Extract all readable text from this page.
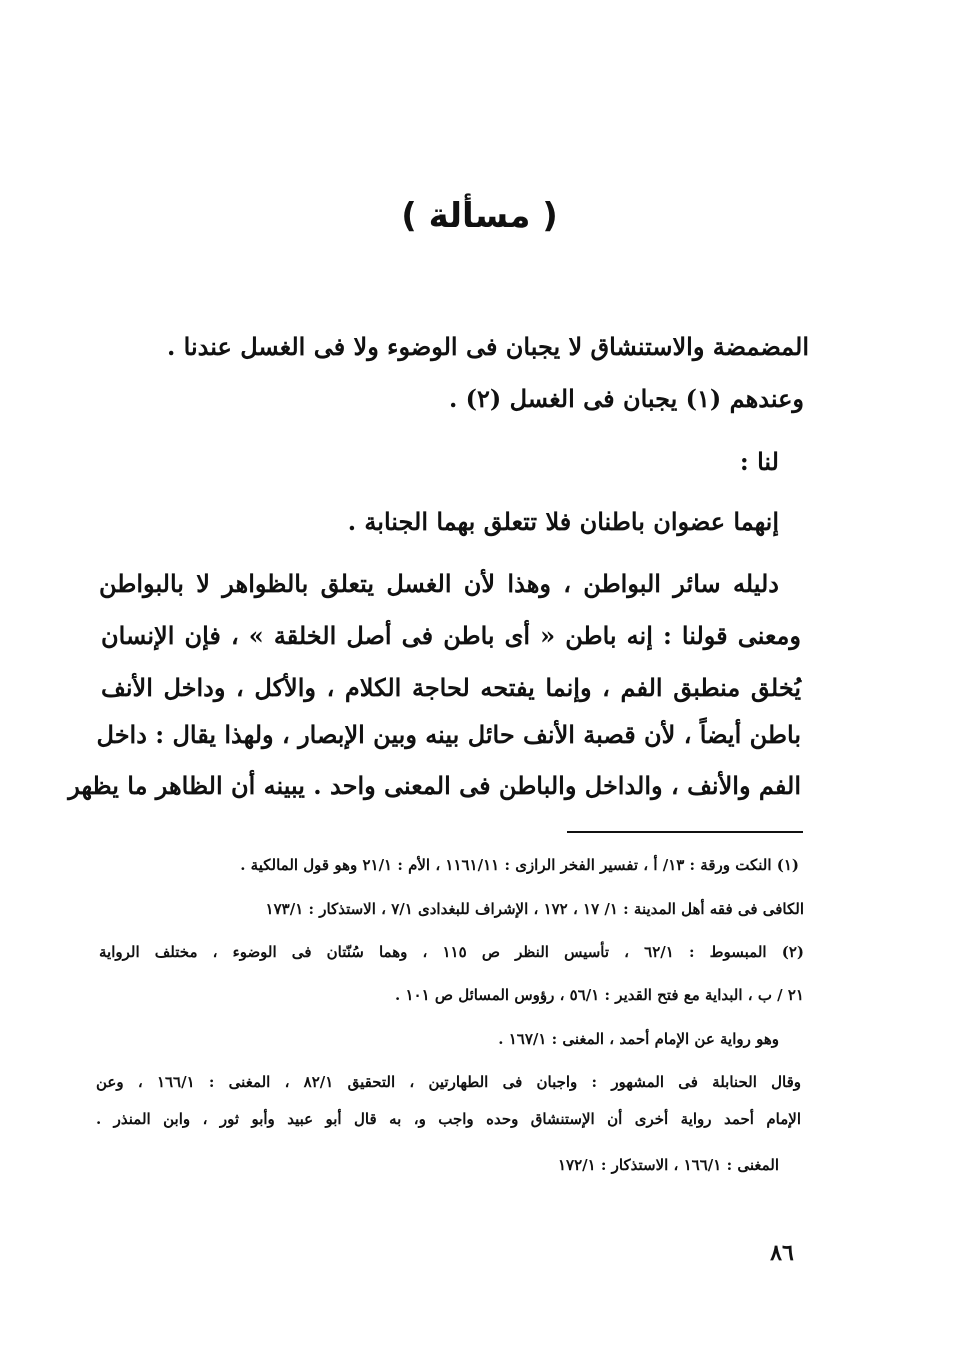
( مسألة )
المضمضة والاستنشاق لا يجبان فى الوضوء ولا فى الغسل عندنا .
وعندهم (١) يجبان فى الغسل (٢) .
لنا :
إنهما عضوان باطنان فلا تتعلق بهما الجنابة .
دليله سائر البواطن ، وهذا لأن الغسل يتعلق بالظواهر لا بالبواطن
ومعنى قولنا : إنه باطن « أى باطن فى أصل الخلقة » ، فإن الإنسان
يُخلق منطبق الفم ، وإنما يفتحه لحاجة الكلام ، والأكل ، وداخل الأنف
باطن أيضاً ، لأن قصبة الأنف حائل بينه وبين الإبصار ، ولهذا يقال : داخل
الفم والأنف ، والداخل والباطن فى المعنى واحد . يبينه أن الظاهر ما يظهر
(١) النكت ورقة : ١٣/ أ ، تفسير الفخر الرازى : ١١٦١/١١ ، الأم : ٢١/١ وهو قول المالكية .
الكافى فى فقه أهل المدينة : ١/ ١٧ ، ١٧٢ ، الإشراف للبغدادى ٧/١ ، الاستذكار : ١٧٣/١
(٢) المبسوط : ٦٢/١ ، تأسيس النظر ص ١١٥ ، وهما سُنّتان فى الوضوء ، مختلف الرواية
٢١ / ب ، البداية مع فتح القدير : ٥٦/١ ، رؤوس المسائل ص ١٠١ .
وهو رواية عن الإمام أحمد ، المغنى : ١٦٧/١ .
وقال الحنابلة فى المشهور : واجبان فى الطهارتين ، التحقيق ٨٢/١ ، المغنى : ١٦٦/١ ، وعن
الإمام أحمد رواية أخرى أن الإستنشاق وحده واجب و، به قال أبو عبيد وأبو ثور ، وابن المنذر .
المغنى : ١٦٦/١ ، الاستذكار : ١٧٢/١
٨٦
